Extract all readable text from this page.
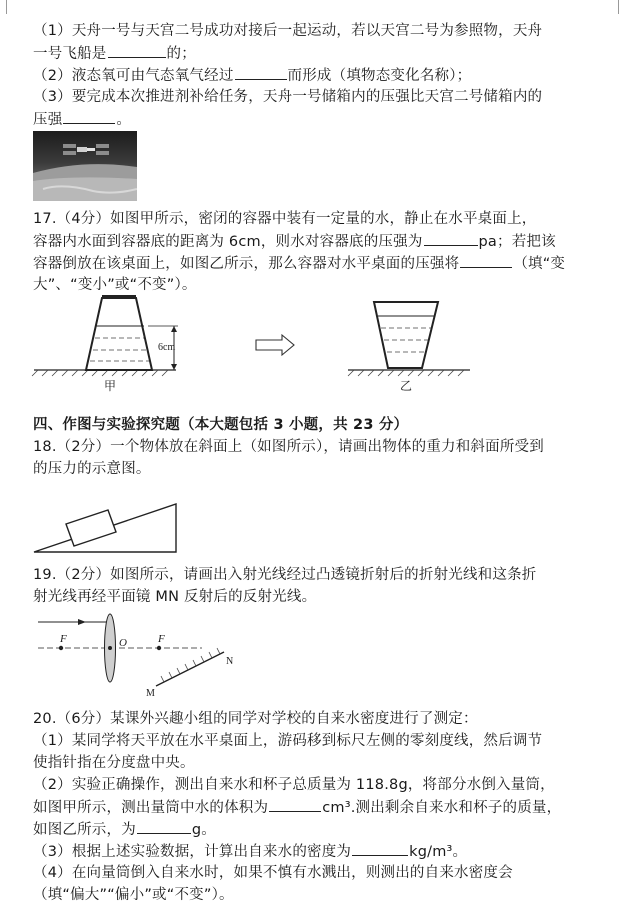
（1）天舟一号与天宫二号成功对接后一起运动，若以天宫二号为参照物，天舟
一号飞船是	的；
（2）液态氧可由气态氧气经过	而形成（填物态变化名称）；
（3）要完成本次推进剂补给任务，天舟一号储箱内的压强比天宫二号储箱内的
压强	。
17.（4分）如图甲所示，密闭的容器中装有一定量的水，静止在水平桌面上，
容器内水面到容器底的距离为 6cm，则水对容器底的压强为	pa；若把该
容器倒放在该桌面上，如图乙所示，那么容器对水平桌面的压强将	（填“变
大”、“变小”或“不变”）。
6cm
甲	乙
四、作图与实验探究题（本大题包括 3 小题，共 23 分）
18.（2分）一个物体放在斜面上（如图所示），请画出物体的重力和斜面所受到
的压力的示意图。
19.（2分）如图所示，请画出入射光线经过凸透镜折射后的折射光线和这条折
射光线再经平面镜 MN 反射后的反射光线。
F	O	F
N
M
20.（6分）某课外兴趣小组的同学对学校的自来水密度进行了测定：
（1）某同学将天平放在水平桌面上，游码移到标尺左侧的零刻度线，然后调节
使指针指在分度盘中央。
（2）实验正确操作，测出自来水和杯子总质量为 118.8g，将部分水倒入量筒，
如图甲所示，测出量筒中水的体积为	cm³.测出剩余自来水和杯子的质量，
如图乙所示，为	g。
（3）根据上述实验数据，计算出自来水的密度为	kg/m³。
（4）在向量筒倒入自来水时，如果不慎有水溅出，则测出的自来水密度会
（填“偏大”“偏小”或“不变”）。
